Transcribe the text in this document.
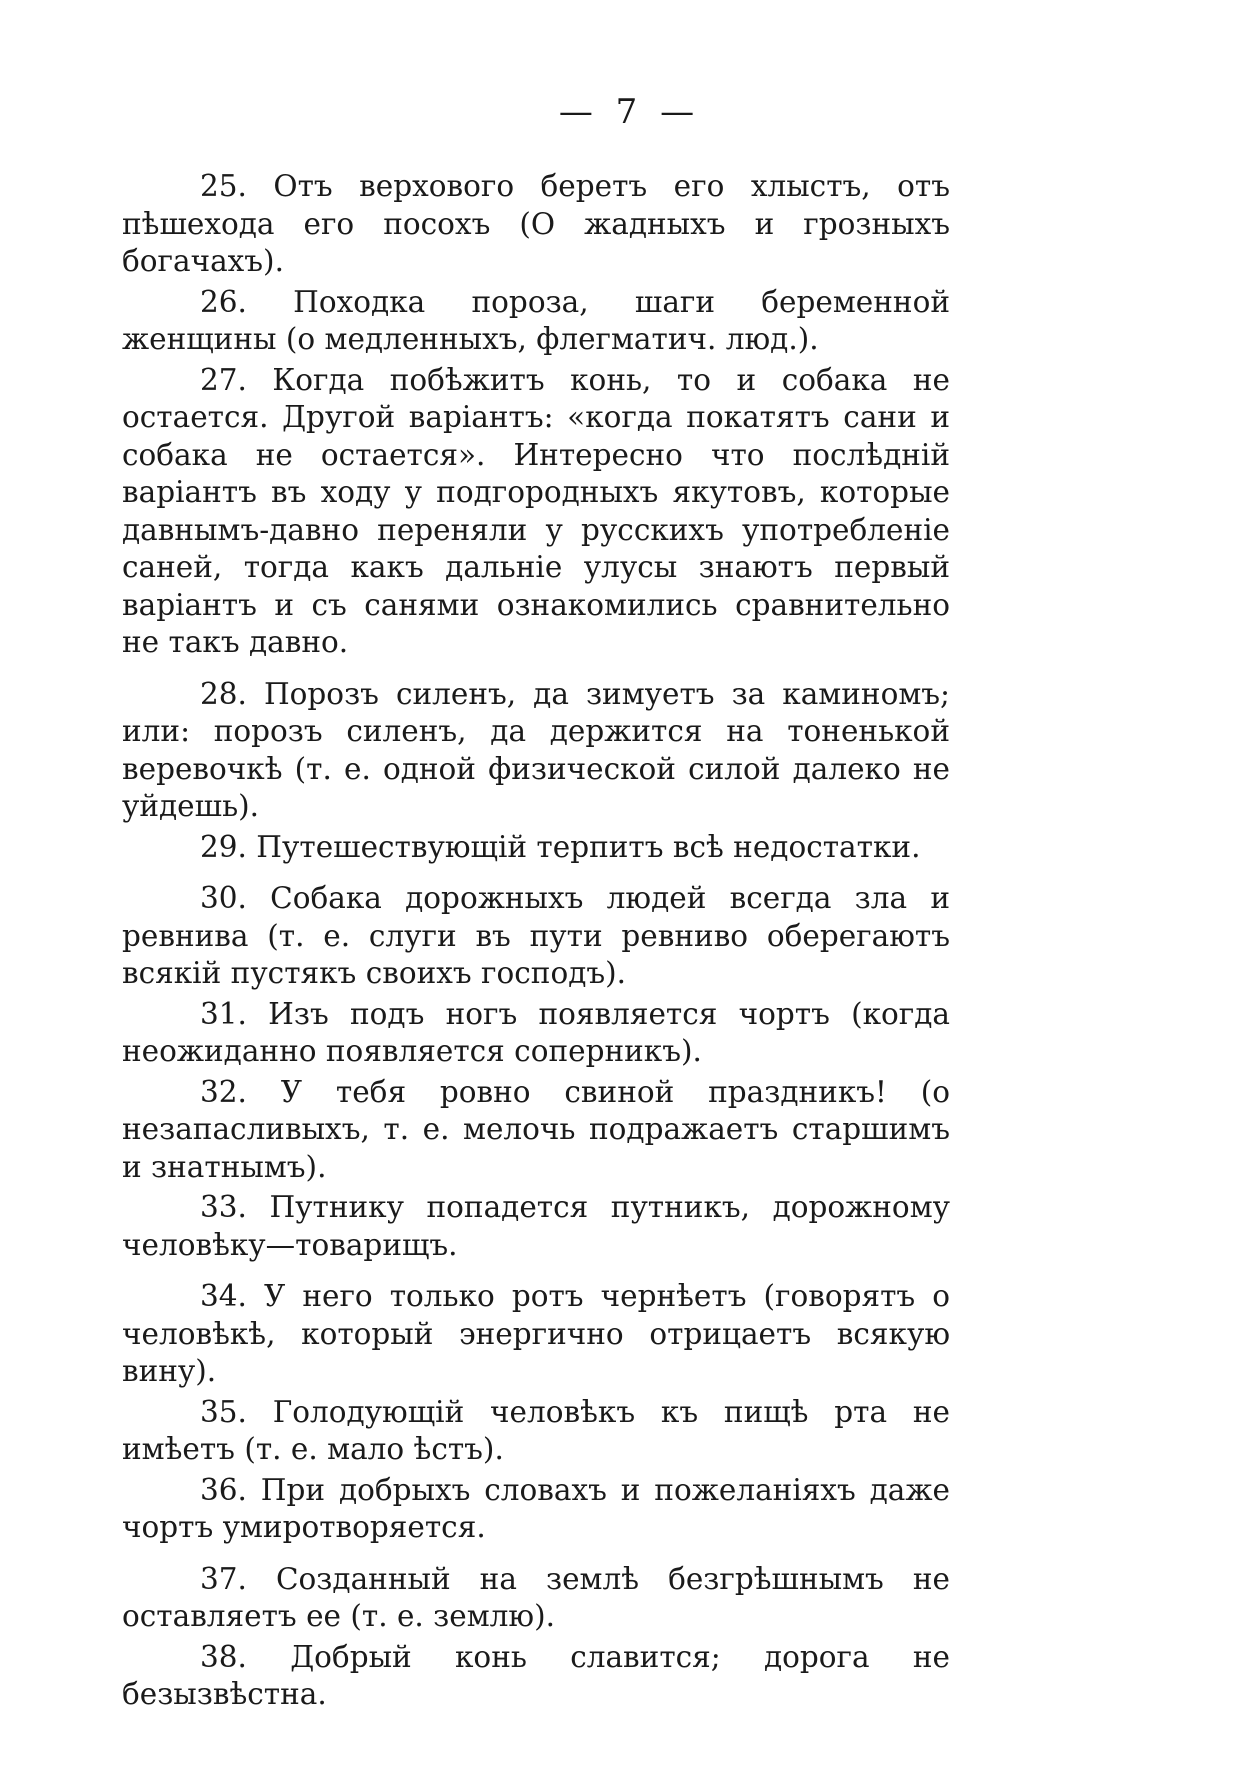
— 7 —

25. Отъ верхового беретъ его хлыстъ, отъ пѣшехода его посохъ (О жадныхъ и грозныхъ богачахъ).

26. Походка пороза, шаги беременной женщины (о медленныхъ, флегматич. люд.).

27. Когда побѣжитъ конь, то и собака не остается. Другой варіантъ: «когда покатятъ сани и собака не остается». Интересно что послѣдній варіантъ въ ходу у подгородныхъ якутовъ, которые давнымъ-давно переняли у русскихъ употребленіе саней, тогда какъ дальніе улусы знаютъ первый варіантъ и съ санями ознакомились сравнительно не такъ давно.

28. Порозъ силенъ, да зимуетъ за каминомъ; или: порозъ силенъ, да держится на тоненькой веревочкѣ (т. е. одной физической силой далеко не уйдешь).

29. Путешествующій терпитъ всѣ недостатки.

30. Собака дорожныхъ людей всегда зла и ревнива (т. е. слуги въ пути ревниво оберегаютъ всякій пустякъ своихъ господъ).

31. Изъ подъ ногъ появляется чортъ (когда неожиданно появляется соперникъ).

32. У тебя ровно свиной праздникъ! (о незапасливыхъ, т. е. мелочь подражаетъ старшимъ и знатнымъ).

33. Путнику попадется путникъ, дорожному человѣку—товарищъ.

34. У него только ротъ чернѣетъ (говорятъ о человѣкѣ, который энергично отрицаетъ всякую вину).

35. Голодующій человѣкъ къ пищѣ рта не имѣетъ (т. е. мало ѣстъ).

36. При добрыхъ словахъ и пожеланіяхъ даже чортъ умиротворяется.

37. Созданный на землѣ безгрѣшнымъ не оставляетъ ее (т. е. землю).

38. Добрый конь славится; дорога не безызвѣстна.
